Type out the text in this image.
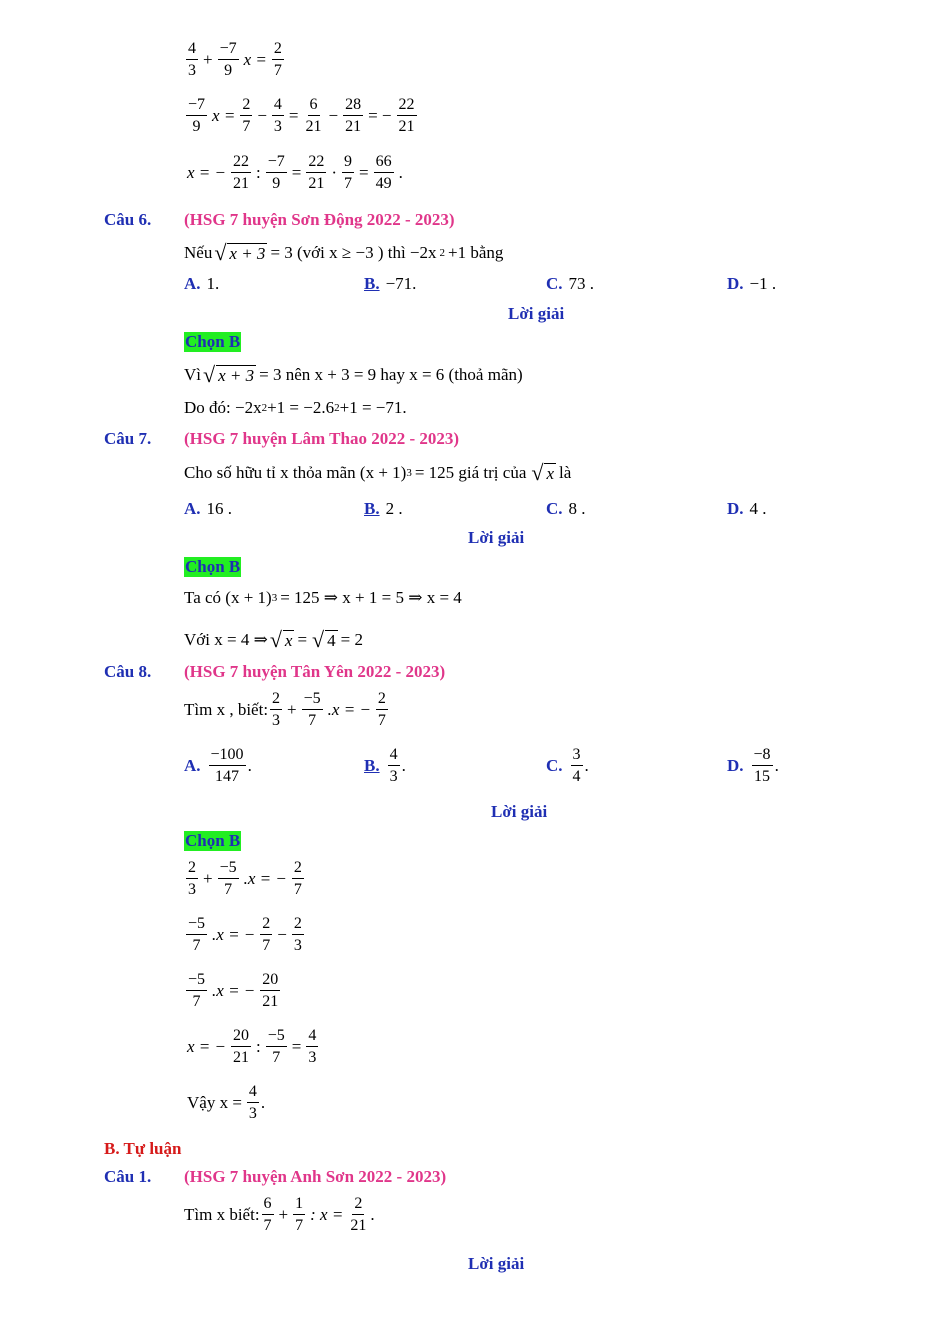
$\frac{4}{3} + \frac{-7}{9}$ $x = \frac{2}{7}$
$\frac{-7}{9}$ $x = \frac{2}{7} - \frac{4}{3} = \frac{6}{21} - \frac{28}{21}$ = − $\frac{22}{21}$
x = − $\frac{22}{21}$ : $\frac{-7}{9} = \frac{22}{21} \cdot \frac{9}{7} = \frac{66}{49}$ .
Câu 6. (HSG 7 huyện Sơn Động 2022 - 2023)
Nếu √ x + 3 = 3 (với x ≥ −3 ) thì −2x 2 +1 bằng
A. 1.	B. −71.	C. 73 .	D. −1 .
Lời giải
Chọn B
Vì √ x + 3 = 3 nên x + 3 = 9 hay x = 6 (thoả mãn)
Do đó: −2x 2 +1 = −2.6 2 +1 = −71.
Câu 7. (HSG 7 huyện Lâm Thao 2022 - 2023)
Cho số hữu tỉ x thỏa mãn (x + 1) 3 = 125 giá trị của √ x là
A. 16 .	B. 2 .	C. 8 .	D. 4 .
Lời giải
Chọn B
Ta có (x + 1) 3 = 125 ⇒ x + 1 = 5 ⇒ x = 4
Với x = 4 ⇒ √ x = √ 4 = 2
Câu 8. (HSG 7 huyện Tân Yên 2022 - 2023)
Tìm x , biết: $\frac{2}{3} + \frac{-5}{7} .x$ = − $\frac{2}{7}$
A. $\frac{-100}{147}$ .	B. $\frac{4}{3}$ .	C. $\frac{3}{4}$ .	D. $\frac{-8}{15}$ .
Lời giải
Chọn B
$\frac{2}{3} + \frac{-5}{7} .x$ = − $\frac{2}{7}$
$\frac{-5}{7} .x$ = − $\frac{2}{7} - \frac{2}{3}$
$\frac{-5}{7} .x$ = − $\frac{20}{21}$
x = − $\frac{20}{21}$ : $\frac{-5}{7} = \frac{4}{3}$
Vậy $x = \frac{4}{3}$ .
B. Tự luận
Câu 1. (HSG 7 huyện Anh Sơn 2022 - 2023)
Tìm x biết: $\frac{6}{7} + \frac{1}{7}$ : $x = \frac{2}{21}$ .
Lời giải
